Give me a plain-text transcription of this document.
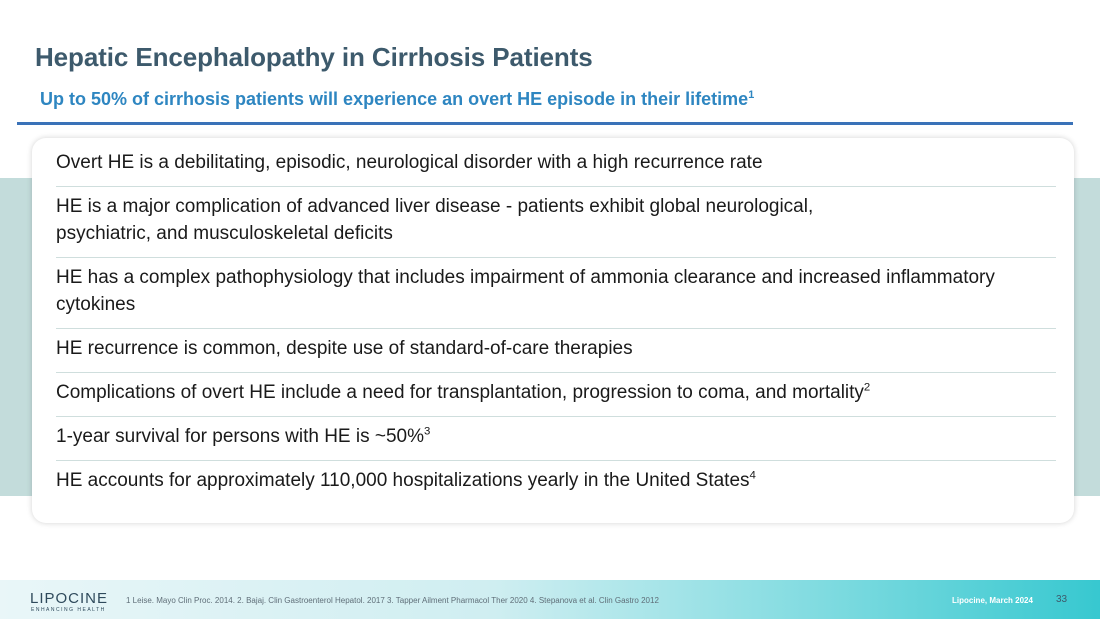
Hepatic Encephalopathy in Cirrhosis Patients
Up to 50% of cirrhosis patients will experience an overt HE episode in their lifetime$^1$
Overt HE is a debilitating, episodic, neurological disorder with a high recurrence rate
HE is a major complication of advanced liver disease - patients exhibit global neurological, psychiatric, and musculoskeletal deficits
HE has a complex pathophysiology that includes impairment of ammonia clearance and increased inflammatory cytokines
HE recurrence is common, despite use of standard-of-care therapies
Complications of overt HE include a need for transplantation, progression to coma, and mortality$^2$
1-year survival for persons with HE is ~50%$^3$
HE accounts for approximately 110,000 hospitalizations yearly in the United States$^4$
LIPOCINE
ENHANCING HEALTH
1 Leise. Mayo Clin Proc. 2014. 2. Bajaj. Clin Gastroenterol Hepatol. 2017 3. Tapper Ailment Pharmacol Ther 2020 4. Stepanova et al. Clin Gastro 2012	Lipocine, March 2024 33
